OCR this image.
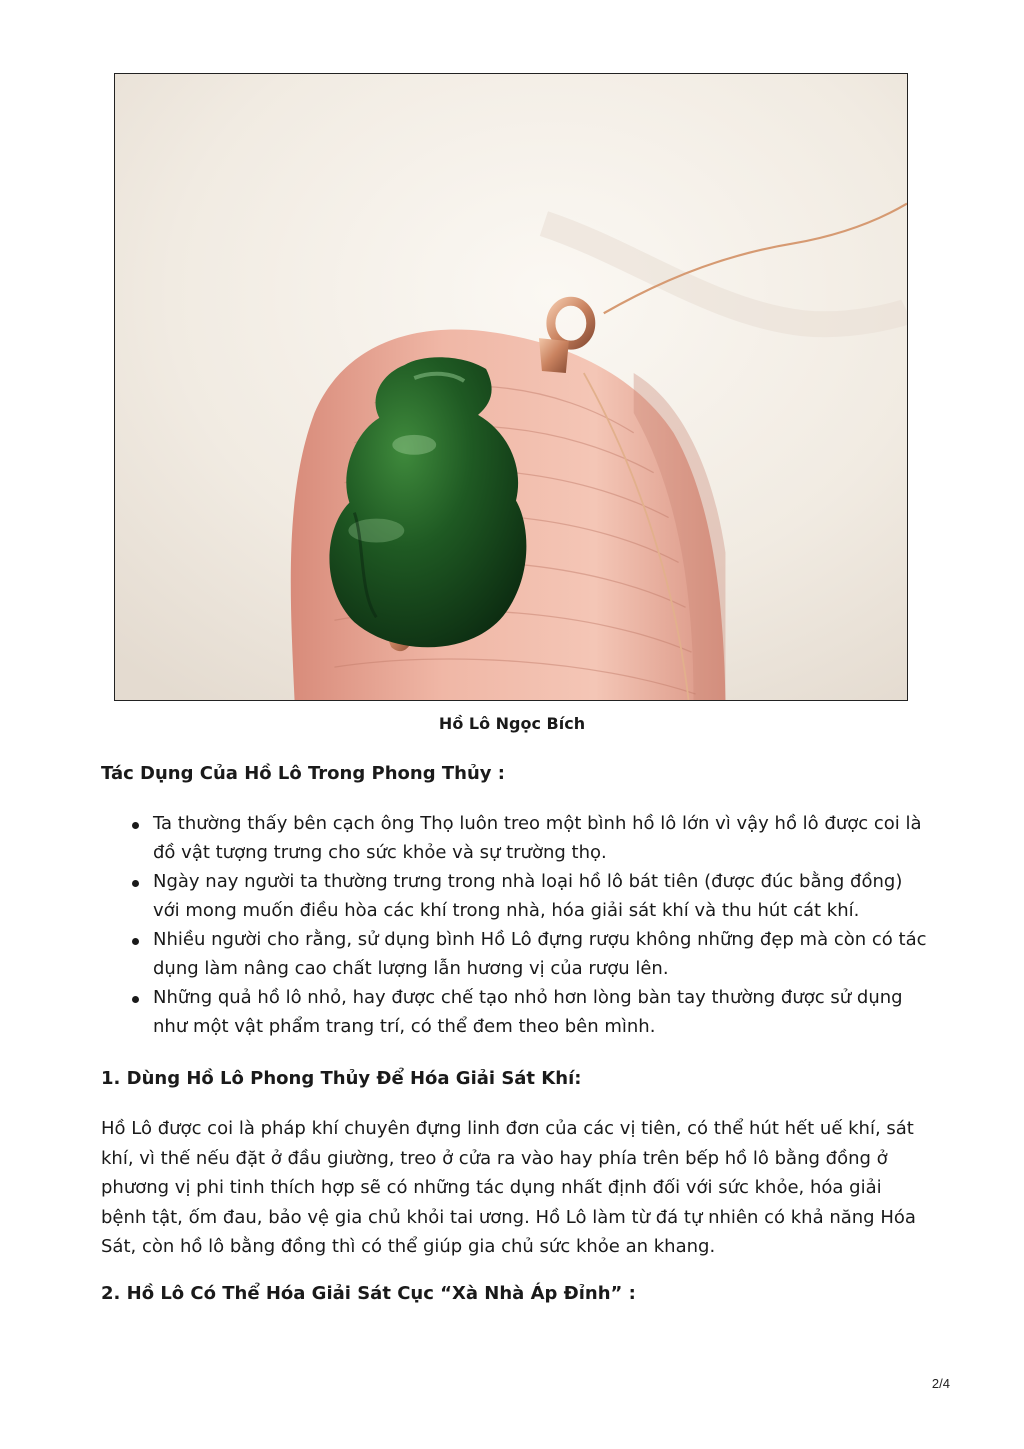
Hồ Lô Ngọc Bích
Tác Dụng Của Hồ Lô Trong Phong Thủy :
Ta thường thấy bên cạch ông Thọ luôn treo một bình hồ lô lớn vì vậy hồ lô được coi là đồ vật tượng trưng cho sức khỏe và sự trường thọ.
Ngày nay người ta thường trưng trong nhà loại hồ lô bát tiên (được đúc bằng đồng) với mong muốn điều hòa các khí trong nhà, hóa giải sát khí và thu hút cát khí.
Nhiều người cho rằng, sử dụng bình Hồ Lô đựng rượu không những đẹp mà còn có tác dụng làm nâng cao chất lượng lẫn hương vị của rượu lên.
Những quả hồ lô nhỏ, hay được chế tạo nhỏ hơn lòng bàn tay thường được sử dụng như một vật phẩm trang trí, có thể đem theo bên mình.
1. Dùng Hồ Lô Phong Thủy Để Hóa Giải Sát Khí:

Hồ Lô được coi là pháp khí chuyên đựng linh đơn của các vị tiên, có thể hút hết uế khí, sát khí, vì thế nếu đặt ở đầu giường, treo ở cửa ra vào hay phía trên bếp hồ lô bằng đồng ở phương vị phi tinh thích hợp sẽ có những tác dụng nhất định đối với sức khỏe, hóa giải bệnh tật, ốm đau, bảo vệ gia chủ khỏi tai ương. Hồ Lô làm từ đá tự nhiên có khả năng Hóa Sát, còn hồ lô bằng đồng thì có thể giúp gia chủ sức khỏe an khang.

2. Hồ Lô Có Thể Hóa Giải Sát Cục “Xà Nhà Áp Đỉnh” :
2/4
